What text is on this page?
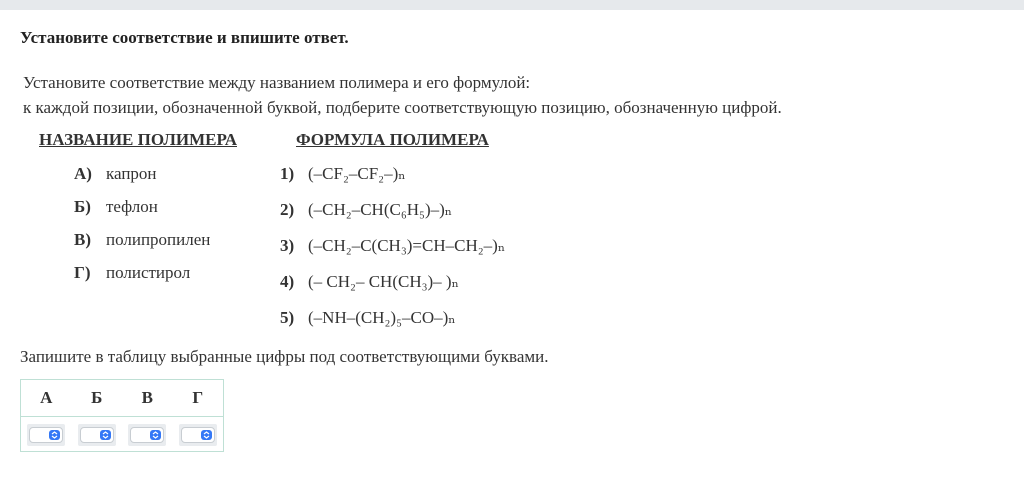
Установите соответствие и впишите ответ.
Установите соответствие между названием полимера и его формулой:
к каждой позиции, обозначенной буквой, подберите соответствующую позицию, обозначенную цифрой.
НАЗВАНИЕ ПОЛИМЕРА	ФОРМУЛА ПОЛИМЕРА
А) капрон
Б) тефлон
В) полипропилен
Г) полистирол
1) (–CF₂–CF₂–)ₙ
2) (–CH₂–CH(C₆H₅)–)ₙ
3) (–CH₂–C(CH₃)=CH–CH₂–)ₙ
4) (– CH₂– CH(CH₃)– )ₙ
5) (–NH–(CH₂)₅–CO–)ₙ
Запишите в таблицу выбранные цифры под соответствующими буквами.
А	Б	В	Г
